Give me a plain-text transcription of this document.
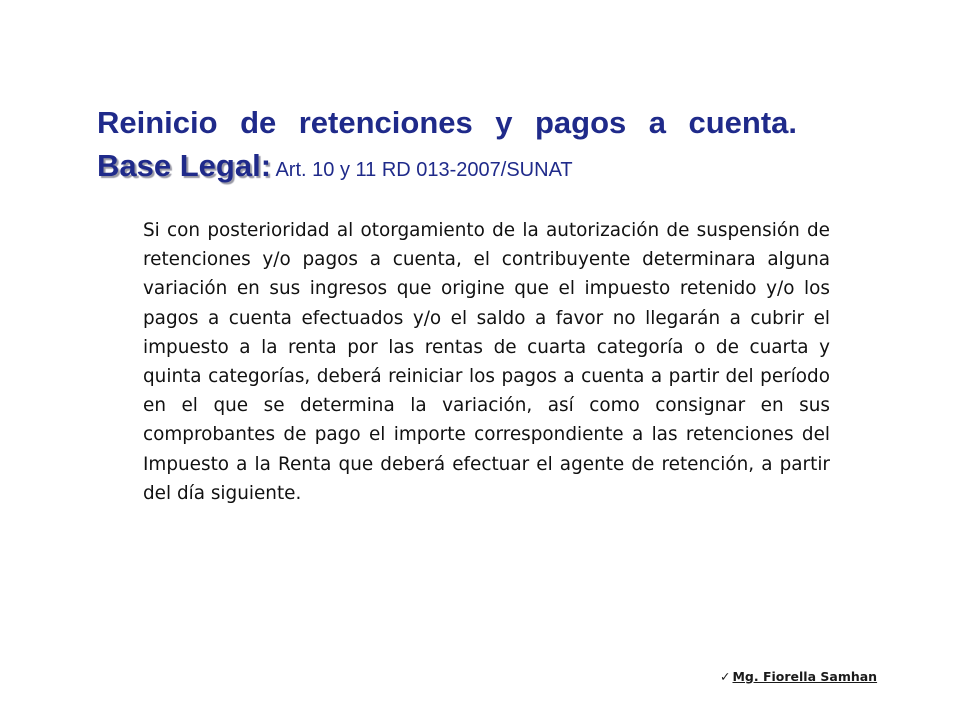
Reinicio de retenciones y pagos a cuenta.

Base Legal: Art. 10 y 11 RD 013-2007/SUNAT

Si con posterioridad al otorgamiento de la autorización de suspensión de retenciones y/o pagos a cuenta, el contribuyente determinara alguna variación en sus ingresos que origine que el impuesto retenido y/o los pagos a cuenta efectuados y/o el saldo a favor no llegarán a cubrir el impuesto a la renta por las rentas de cuarta categoría o de cuarta y quinta categorías, deberá reiniciar los pagos a cuenta a partir del período en el que se determina la variación, así como consignar en sus comprobantes de pago el importe correspondiente a las retenciones del Impuesto a la Renta que deberá efectuar el agente de retención, a partir del día siguiente.

✓ Mg. Fiorella Samhan
